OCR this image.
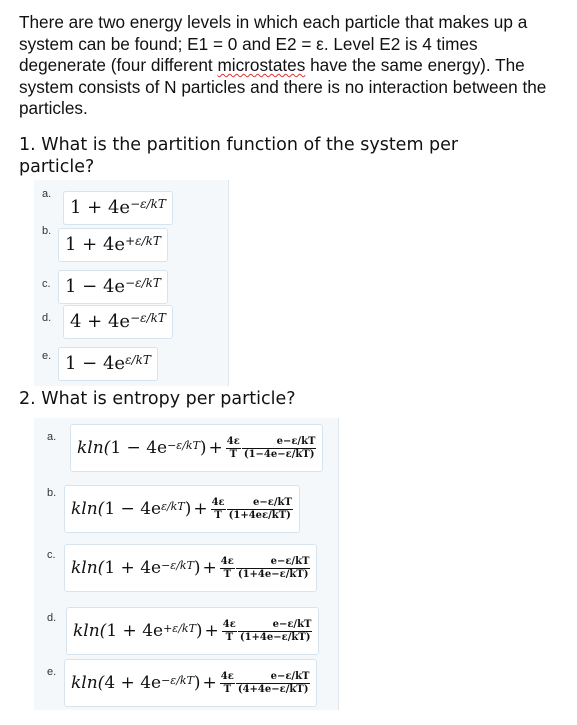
There are two energy levels in which each particle that makes up a system can be found; E1 = 0 and E2 = ε. Level E2 is 4 times degenerate (four different microstates have the same energy). The system consists of N particles and there is no interaction between the particles.
1. What is the partition function of the system per particle?
a.
$1 + 4e^{-\varepsilon/kT}$
b.
$1 + 4e^{+\varepsilon/kT}$
c. $1 - 4e^{-\varepsilon/kT}$
d.	$4 + 4e^{-\varepsilon/kT}$
e. $1 - 4e^{\varepsilon/kT}$
2. What is entropy per particle?
a.
kln( $1 - 4e^{-\varepsilon/kT}$ ) + $\frac{4\varepsilon}{T} \frac{e-\varepsilon/kT}{(1-4e-\varepsilon/kT)}$
b.
kln( $1 - 4e^{\varepsilon/kT}$ ) + $\frac{4\varepsilon}{T} \frac{e-\varepsilon/kT}{(1+4e\varepsilon/kT)}$
c.
kln( $1 + 4e^{-\varepsilon/kT}$ ) + $\frac{4\varepsilon}{T} \frac{e-\varepsilon/kT}{(1+4e-\varepsilon/kT)}$
d.
kln( $1 + 4e^{+\varepsilon/kT}$ ) + $\frac{4\varepsilon}{T} \frac{e-\varepsilon/kT}{(1+4e-\varepsilon/kT)}$
e.
kln( $4 + 4e^{-\varepsilon/kT}$ ) + $\frac{4\varepsilon}{T} \frac{e-\varepsilon/kT}{(4+4e-\varepsilon/kT)}$
